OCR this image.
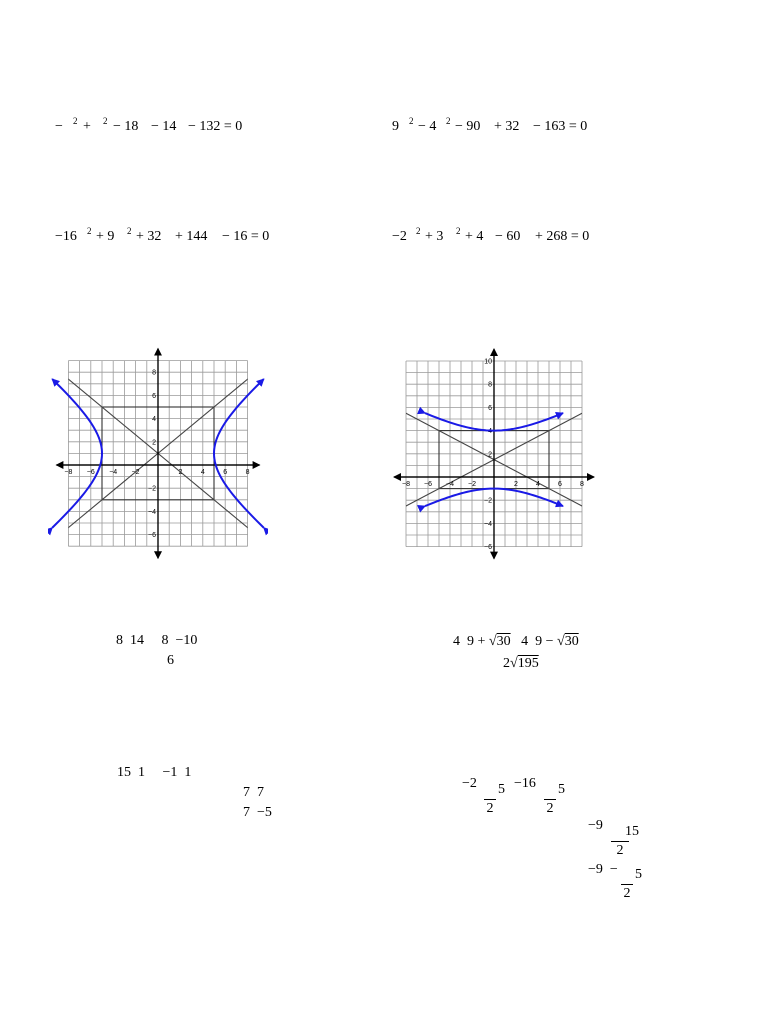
− 2 + 2 − 18 − 14 − 132 = 0	9 2 − 4 2 − 90 + 32 − 163 = 0
−16 2 + 9 2 + 32 + 144 − 16 = 0	−2 2 + 3 2 + 4 − 60 + 268 = 0
−8 −6 −4 −2	2	4	6	8
8
6
4
2
−2
−4
−6
−8 −6 −4 −2	2	4	6	8
10
8
6
4
2
−2
−4
−6
8  14     8  −10
6
4  9 + √30   4  9 − √30
2√195
15  1     −1  1
7  7
7  −5
−2	5
2

−16	5
2

−9	15
2

−9  −	5
2
